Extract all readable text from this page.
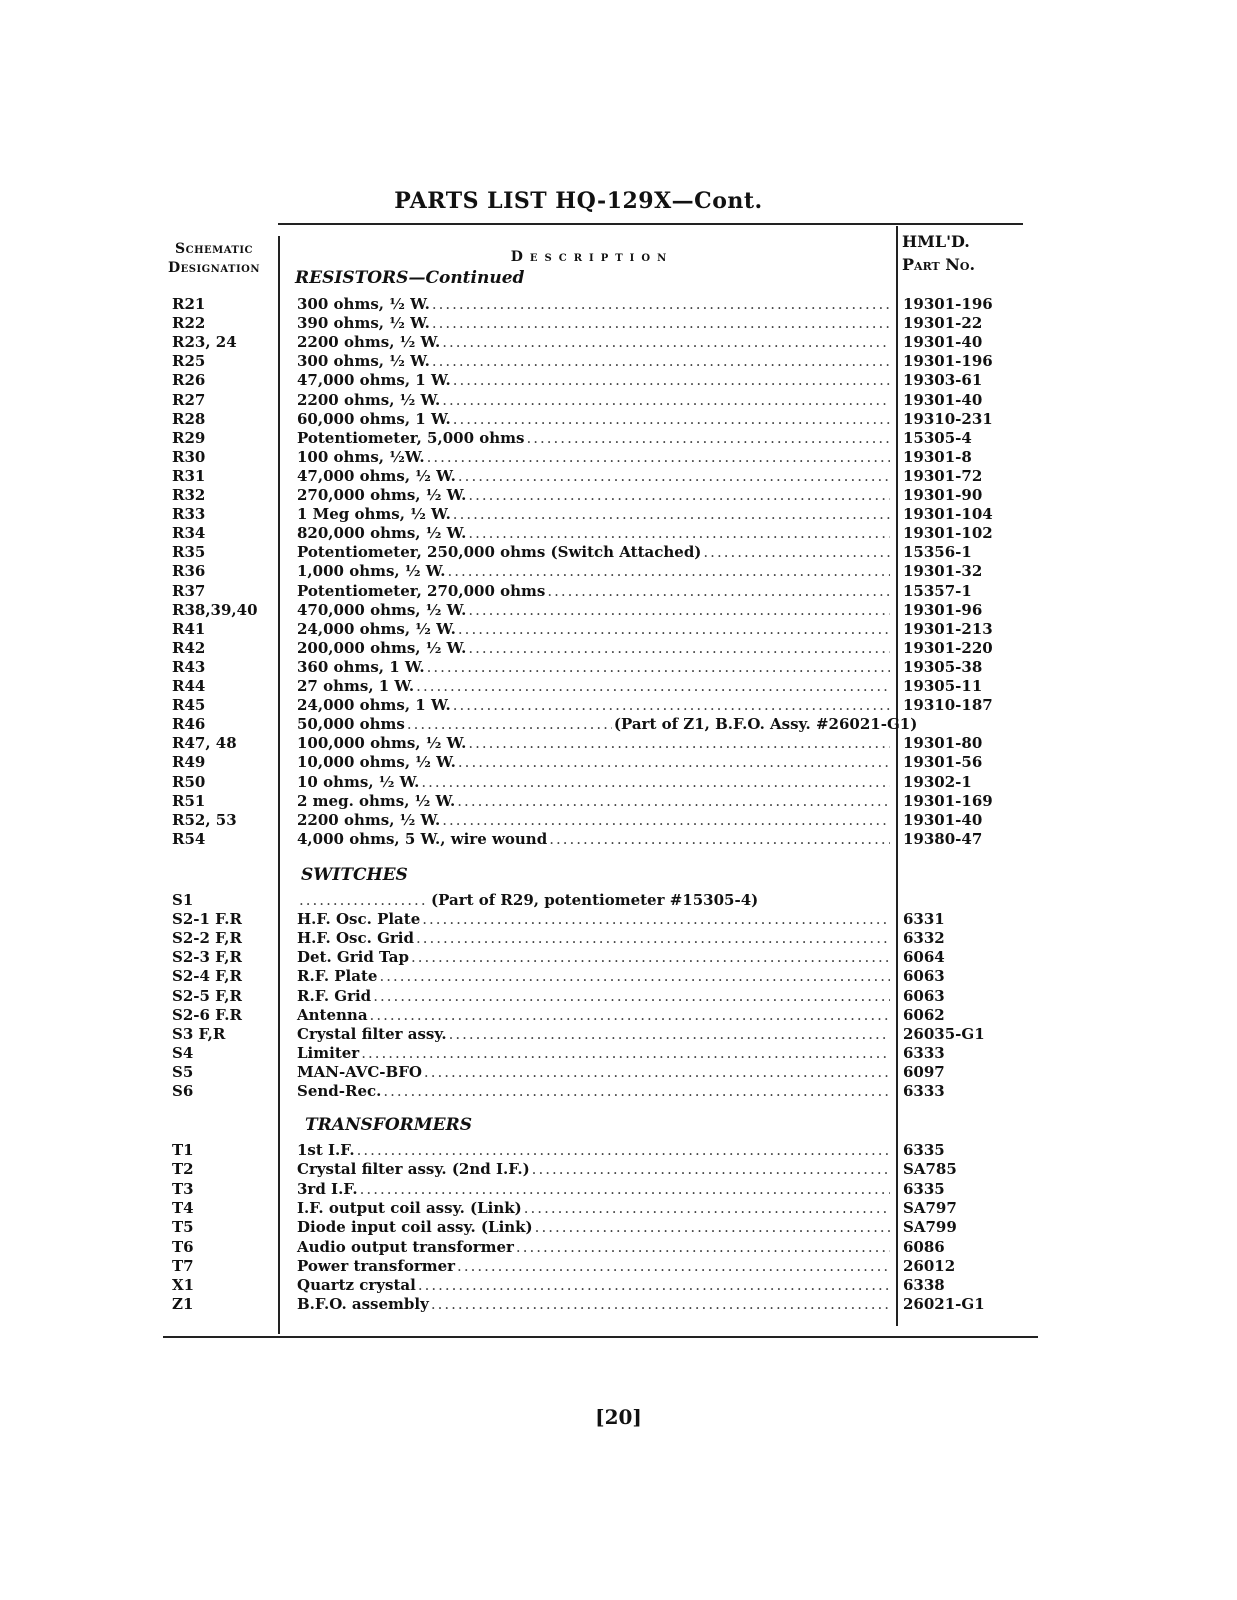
PARTS LIST HQ-129X—Cont.
Schematic
Designation
Description
HML'D.
Part No.
RESISTORS—Continued
SWITCHES
TRANSFORMERS
R21	300 ohms, ½ W. .....	19301-196
R22	390 ohms, ½ W. .....	19301-22
R23, 24	2200 ohms, ½ W. .....	19301-40
R25	300 ohms, ½ W. .....	19301-196
R26	47,000 ohms, 1 W. .....	19303-61
R27	2200 ohms, ½ W. .....	19301-40
R28	60,000 ohms, 1 W. .....	19310-231
R29	Potentiometer, 5,000 ohms .....	15305-4
R30	100 ohms, ½W. .....	19301-8
R31	47,000 ohms, ½ W. .....	19301-72
R32	270,000 ohms, ½ W. .....	19301-90
R33	1 Meg ohms, ½ W. .....	19301-104
R34	820,000 ohms, ½ W. .....	19301-102
R35	Potentiometer, 250,000 ohms (Switch Attached) .....	15356-1
R36	1,000 ohms, ½ W. .....	19301-32
R37	Potentiometer, 270,000 ohms .....	15357-1
R38,39,40	470,000 ohms, ½ W. .....	19301-96
R41	24,000 ohms, ½ W. .....	19301-213
R42	200,000 ohms, ½ W. .....	19301-220
R43	360 ohms, 1 W. .....	19305-38
R44	27 ohms, 1 W. .....	19305-11
R45	24,000 ohms, 1 W. .....	19310-187
R46	50,000 ohms .....	(Part of Z1, B.F.O. Assy. #26021-G1)
R47, 48	100,000 ohms, ½ W. .....	19301-80
R49	10,000 ohms, ½ W. .....	19301-56
R50	10 ohms, ½ W. .....	19302-1
R51	2 meg. ohms, ½ W. .....	19301-169
R52, 53	2200 ohms, ½ W. .....	19301-40
R54	4,000 ohms, 5 W., wire wound .....	19380-47
S1 .....	(Part of R29, potentiometer #15305-4)
S2-1 F.R	H.F. Osc. Plate .....	6331
S2-2 F,R	H.F. Osc. Grid .....	6332
S2-3 F,R	Det. Grid Tap .....	6064
S2-4 F,R	R.F. Plate .....	6063
S2-5 F,R	R.F. Grid .....	6063
S2-6 F.R	Antenna .....	6062
S3 F,R	Crystal filter assy. .....	26035-G1
S4	Limiter .....	6333
S5	MAN-AVC-BFO .....	6097
S6	Send-Rec. .....	6333
T1	1st I.F. .....	6335
T2	Crystal filter assy. (2nd I.F.) .....	SA785
T3	3rd I.F. .....	6335
T4	I.F. output coil assy. (Link) .....	SA797
T5	Diode input coil assy. (Link) .....	SA799
T6	Audio output transformer .....	6086
T7	Power transformer .....	26012
X1	Quartz crystal .....	6338
Z1	B.F.O. assembly .....	26021-G1
[20]
